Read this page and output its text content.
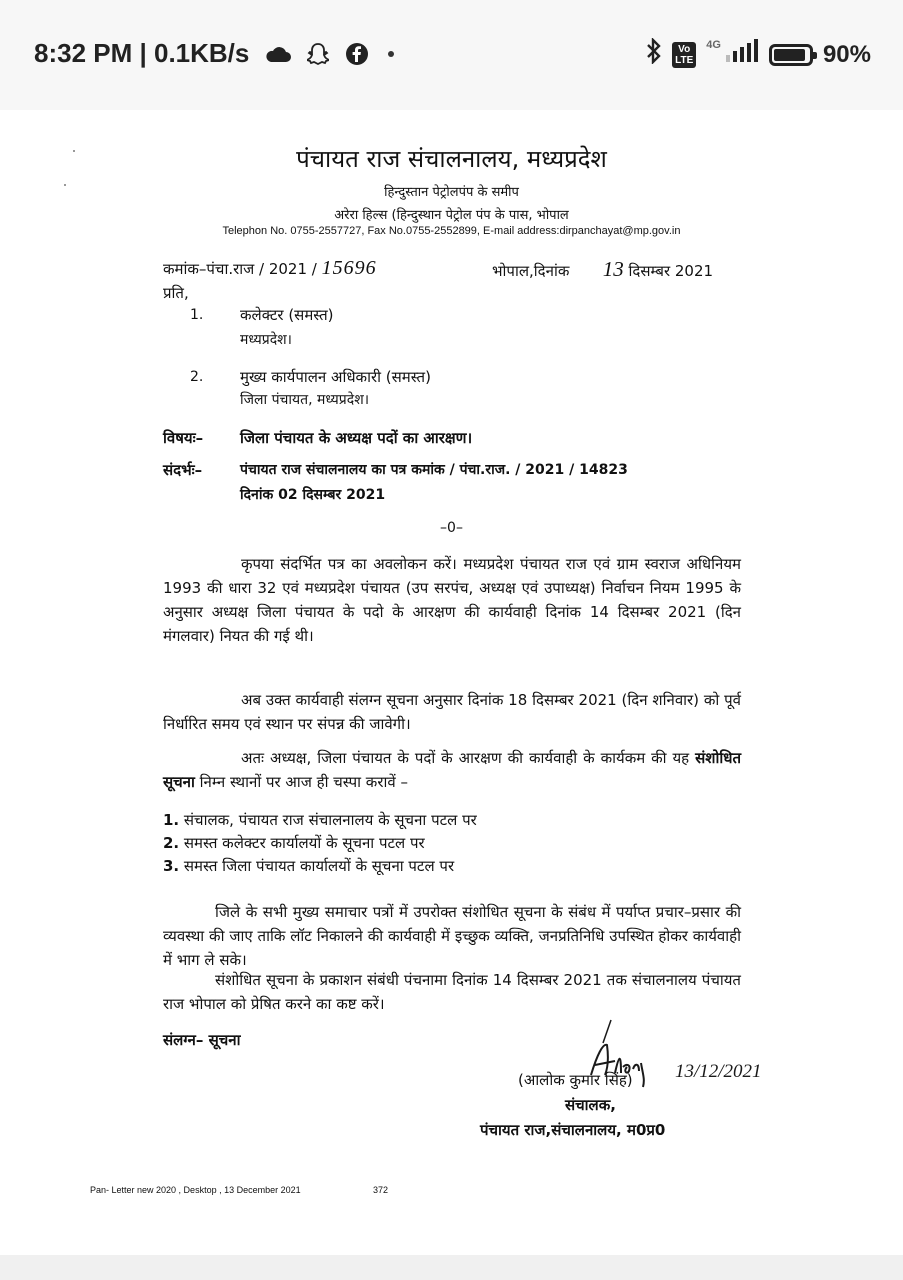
8:32 PM | 0.1KB/s	Vo
LTE
4G	90%
पंचायत राज संचालनालय, मध्यप्रदेश
हिन्दुस्तान पेट्रोलपंप के समीप
अरेरा हिल्स (हिन्दुस्थान पेट्रोल पंप के पास, भोपाल
Telephon No. 0755-2557727, Fax No.0755-2552899, E-mail address:dirpanchayat@mp.gov.in
कमांक–पंचा.राज / 2021 / 15696	भोपाल,दिनांक 13 दिसम्बर 2021
प्रति,
1. कलेक्टर (समस्त)
मध्यप्रदेश।
2. मुख्य कार्यपालन अधिकारी (समस्त)
जिला पंचायत, मध्यप्रदेश।
विषयः– जिला पंचायत के अध्यक्ष पदों का आरक्षण।
संदर्भः–	पंचायत राज संचालनालय का पत्र कमांक / पंचा.राज. / 2021 / 14823
दिनांक 02 दिसम्बर 2021
–0–
कृपया संदर्भित पत्र का अवलोकन करें। मध्यप्रदेश पंचायत राज एवं ग्राम स्वराज अधिनियम 1993 की धारा 32 एवं मध्यप्रदेश पंचायत (उप सरपंच, अध्यक्ष एवं उपाध्यक्ष) निर्वाचन नियम 1995 के अनुसार अध्यक्ष जिला पंचायत के पदो के आरक्षण की कार्यवाही दिनांक 14 दिसम्बर 2021 (दिन मंगलवार) नियत की गई थी।
अब उक्त कार्यवाही संलग्न सूचना अनुसार दिनांक 18 दिसम्बर 2021 (दिन शनिवार) को पूर्व निर्धारित समय एवं स्थान पर संपन्न की जावेगी।
अतः अध्यक्ष, जिला पंचायत के पदों के आरक्षण की कार्यवाही के कार्यकम की यह संशोधित सूचना निम्न स्थानों पर आज ही चस्पा करावें –
1. संचालक, पंचायत राज संचालनालय के सूचना पटल पर
2. समस्त कलेक्टर कार्यालयों के सूचना पटल पर
3. समस्त जिला पंचायत कार्यालयों के सूचना पटल पर
जिले के सभी मुख्य समाचार पत्रों में उपरोक्त संशोधित सूचना के संबंध में पर्याप्त प्रचार–प्रसार की व्यवस्था की जाए ताकि लॉट निकालने की कार्यवाही में इच्छुक व्यक्ति, जनप्रतिनिधि उपस्थित होकर कार्यवाही में भाग ले सके।
संशोधित सूचना के प्रकाशन संबंधी पंचनामा दिनांक 14 दिसम्बर 2021 तक संचालनालय पंचायत राज भोपाल को प्रेषित करने का कष्ट करें।
संलग्न– सूचना
13/12/2021
(आलोक कुमार सिंह)
संचालक,
पंचायत राज,संचालनालय, म0प्र0
Pan- Letter new 2020 , Desktop , 13 December 2021	372
